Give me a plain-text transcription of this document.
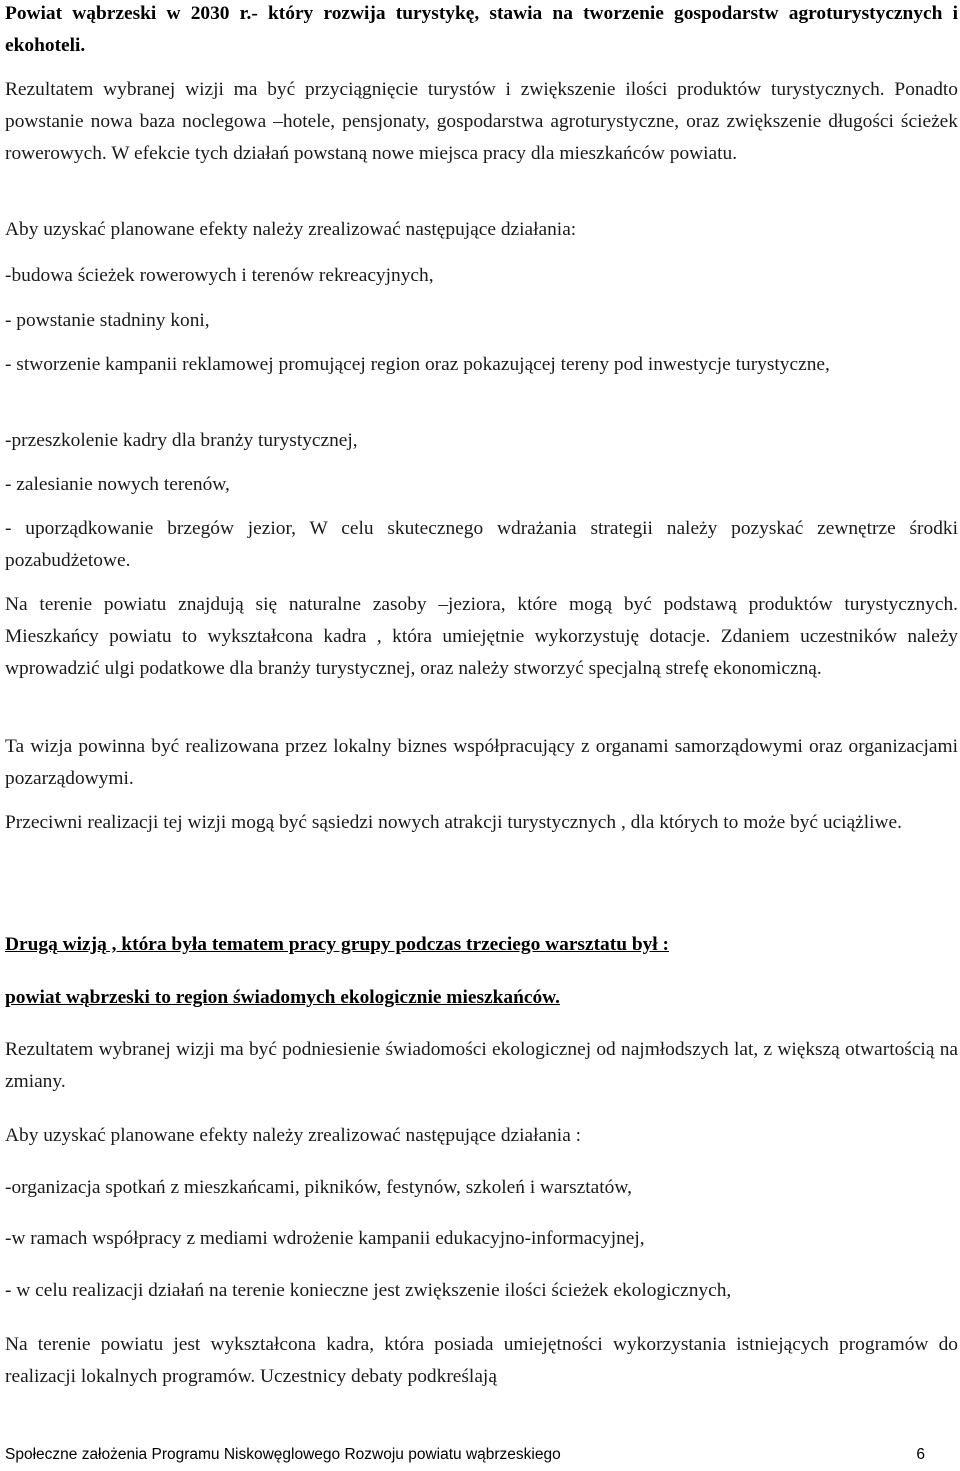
Powiat wąbrzeski w 2030 r.- który rozwija turystykę, stawia na tworzenie gospodarstw agroturystycznych i ekohoteli.

Rezultatem wybranej wizji ma być przyciągnięcie turystów i zwiększenie ilości produktów turystycznych. Ponadto powstanie nowa baza noclegowa –hotele, pensjonaty, gospodarstwa agroturystyczne, oraz zwiększenie długości ścieżek rowerowych. W efekcie tych działań powstaną nowe miejsca pracy dla mieszkańców powiatu.

Aby uzyskać planowane efekty należy zrealizować następujące działania:

-budowa ścieżek rowerowych i terenów rekreacyjnych,

- powstanie stadniny koni,

- stworzenie kampanii reklamowej promującej region oraz pokazującej tereny pod inwestycje turystyczne,

-przeszkolenie kadry dla branży turystycznej,

- zalesianie nowych terenów,

- uporządkowanie brzegów jezior, W celu skutecznego wdrażania strategii należy pozyskać zewnętrze środki pozabudżetowe.

Na terenie powiatu znajdują się naturalne zasoby –jeziora, które mogą być podstawą produktów turystycznych. Mieszkańcy powiatu to wykształcona kadra , która umiejętnie wykorzystuję dotacje. Zdaniem uczestników należy wprowadzić ulgi podatkowe dla branży turystycznej, oraz należy stworzyć specjalną strefę ekonomiczną.

Ta wizja powinna być realizowana przez lokalny biznes współpracujący z organami samorządowymi oraz organizacjami pozarządowymi.

Przeciwni realizacji tej wizji mogą być sąsiedzi nowych atrakcji turystycznych , dla których to może być uciążliwe.

Drugą wizją , która była tematem pracy grupy podczas trzeciego warsztatu był :

powiat wąbrzeski to region świadomych ekologicznie mieszkańców.

Rezultatem wybranej wizji ma być podniesienie świadomości ekologicznej od najmłodszych lat, z większą otwartością na zmiany.

Aby uzyskać planowane efekty należy zrealizować następujące działania :

-organizacja spotkań z mieszkańcami, pikników, festynów, szkoleń i warsztatów,

-w ramach współpracy z mediami wdrożenie kampanii edukacyjno-informacyjnej,

- w celu realizacji działań na terenie konieczne jest zwiększenie ilości ścieżek ekologicznych,

Na terenie powiatu jest wykształcona kadra, która posiada umiejętności wykorzystania istniejących programów do realizacji lokalnych programów. Uczestnicy debaty podkreślają

Społeczne założenia Programu Niskowęglowego Rozwoju powiatu wąbrzeskiego	6
